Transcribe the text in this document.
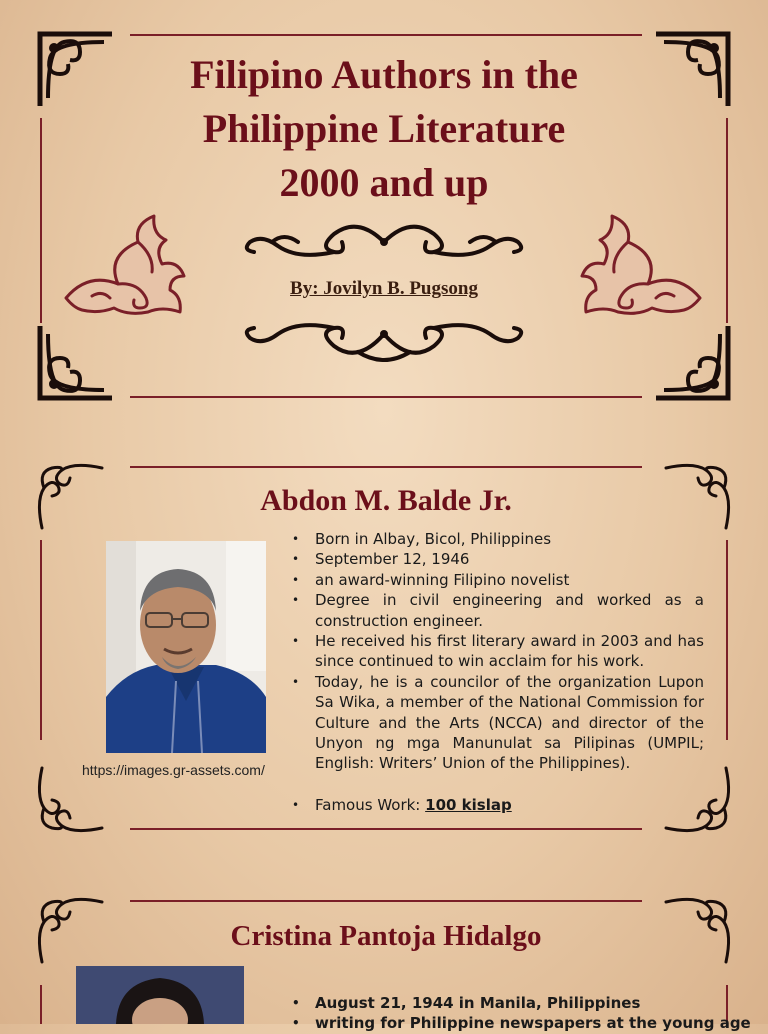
Filipino Authors in the
Philippine Literature
2000 and up
By: Jovilyn B. Pugsong
Abdon M. Balde Jr.
https://images.gr-assets.com/
• Born in Albay, Bicol, Philippines
• September 12, 1946
• an award-winning Filipino novelist
• Degree in civil engineering and worked as a construction engineer.
• He received his first literary award in 2003 and has since continued to win acclaim for his work.
• Today, he is a councilor of the organization Lupon Sa Wika, a member of the National Commission for Culture and the Arts (NCCA) and director of the Unyon ng mga Manunulat sa Pilipinas (UMPIL; English: Writers’ Union of the Philippines).
• Famous Work: 100 kislap
Cristina Pantoja Hidalgo
• August 21, 1944 in Manila, Philippines
• writing for Philippine newspapers at the young age
